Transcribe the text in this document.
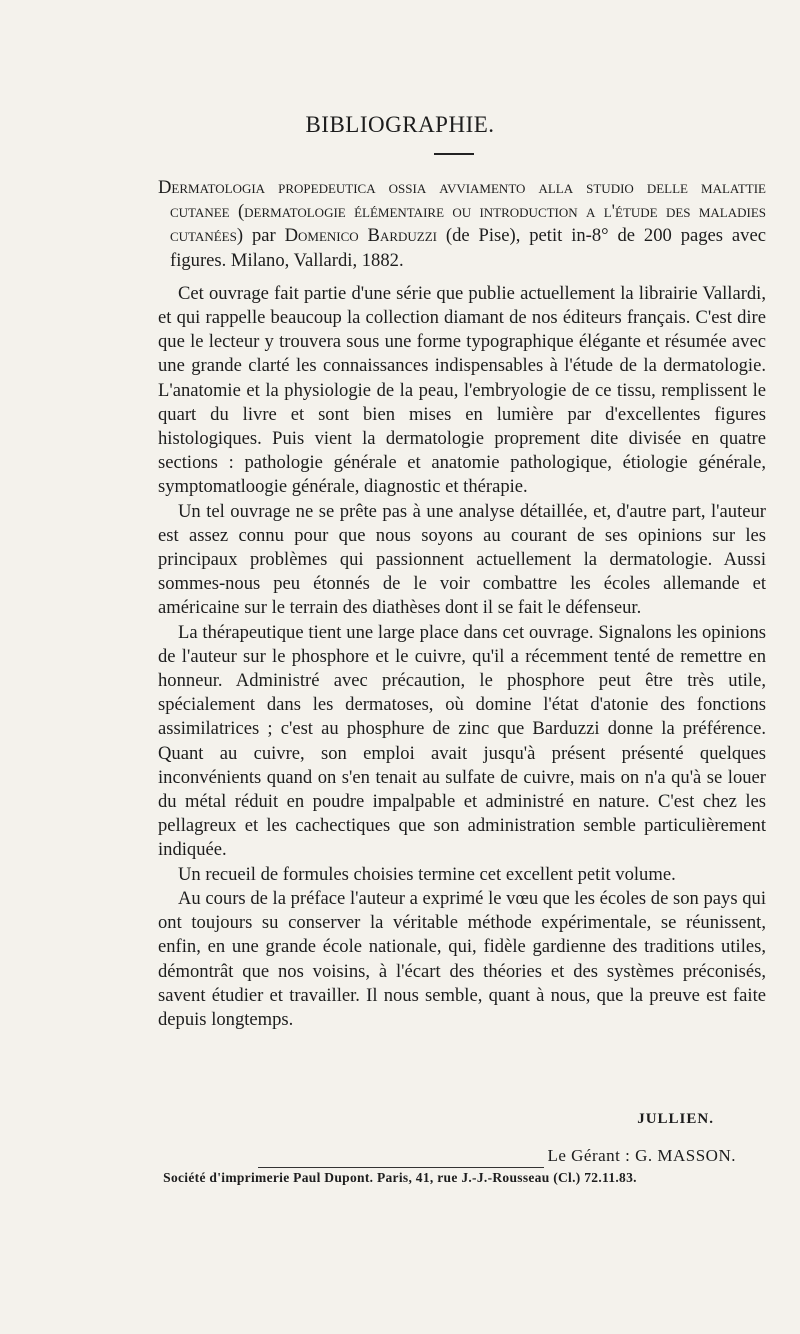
BIBLIOGRAPHIE.

Dermatologia propedeutica ossia avviamento alla studio delle malattie cutanee (dermatologie élémentaire ou introduction a l'étude des maladies cutanées) par Domenico Barduzzi (de Pise), petit in-8° de 200 pages avec figures. Milano, Vallardi, 1882.

Cet ouvrage fait partie d'une série que publie actuellement la librairie Vallardi, et qui rappelle beaucoup la collection diamant de nos éditeurs français. C'est dire que le lecteur y trouvera sous une forme typographique élégante et résumée avec une grande clarté les connaissances indispensables à l'étude de la dermatologie. L'anatomie et la physiologie de la peau, l'embryologie de ce tissu, remplissent le quart du livre et sont bien mises en lumière par d'excellentes figures histologiques. Puis vient la dermatologie proprement dite divisée en quatre sections : pathologie générale et anatomie pathologique, étiologie générale, symptomatloogie générale, diagnostic et thérapie.

Un tel ouvrage ne se prête pas à une analyse détaillée, et, d'autre part, l'auteur est assez connu pour que nous soyons au courant de ses opinions sur les principaux problèmes qui passionnent actuellement la dermatologie. Aussi sommes-nous peu étonnés de le voir combattre les écoles allemande et américaine sur le terrain des diathèses dont il se fait le défenseur.

La thérapeutique tient une large place dans cet ouvrage. Signalons les opinions de l'auteur sur le phosphore et le cuivre, qu'il a récemment tenté de remettre en honneur. Administré avec précaution, le phosphore peut être très utile, spécialement dans les dermatoses, où domine l'état d'atonie des fonctions assimilatrices ; c'est au phosphure de zinc que Barduzzi donne la préférence. Quant au cuivre, son emploi avait jusqu'à présent présenté quelques inconvénients quand on s'en tenait au sulfate de cuivre, mais on n'a qu'à se louer du métal réduit en poudre impalpable et administré en nature. C'est chez les pellagreux et les cachectiques que son administration semble particulièrement indiquée.

Un recueil de formules choisies termine cet excellent petit volume.

Au cours de la préface l'auteur a exprimé le vœu que les écoles de son pays qui ont toujours su conserver la véritable méthode expérimentale, se réunissent, enfin, en une grande école nationale, qui, fidèle gardienne des traditions utiles, démontrât que nos voisins, à l'écart des théories et des systèmes préconisés, savent étudier et travailler. Il nous semble, quant à nous, que la preuve est faite depuis longtemps.

JULLIEN.
Le Gérant : G. MASSON.
Société d'imprimerie Paul Dupont. Paris, 41, rue J.-J.-Rousseau (Cl.) 72.11.83.
